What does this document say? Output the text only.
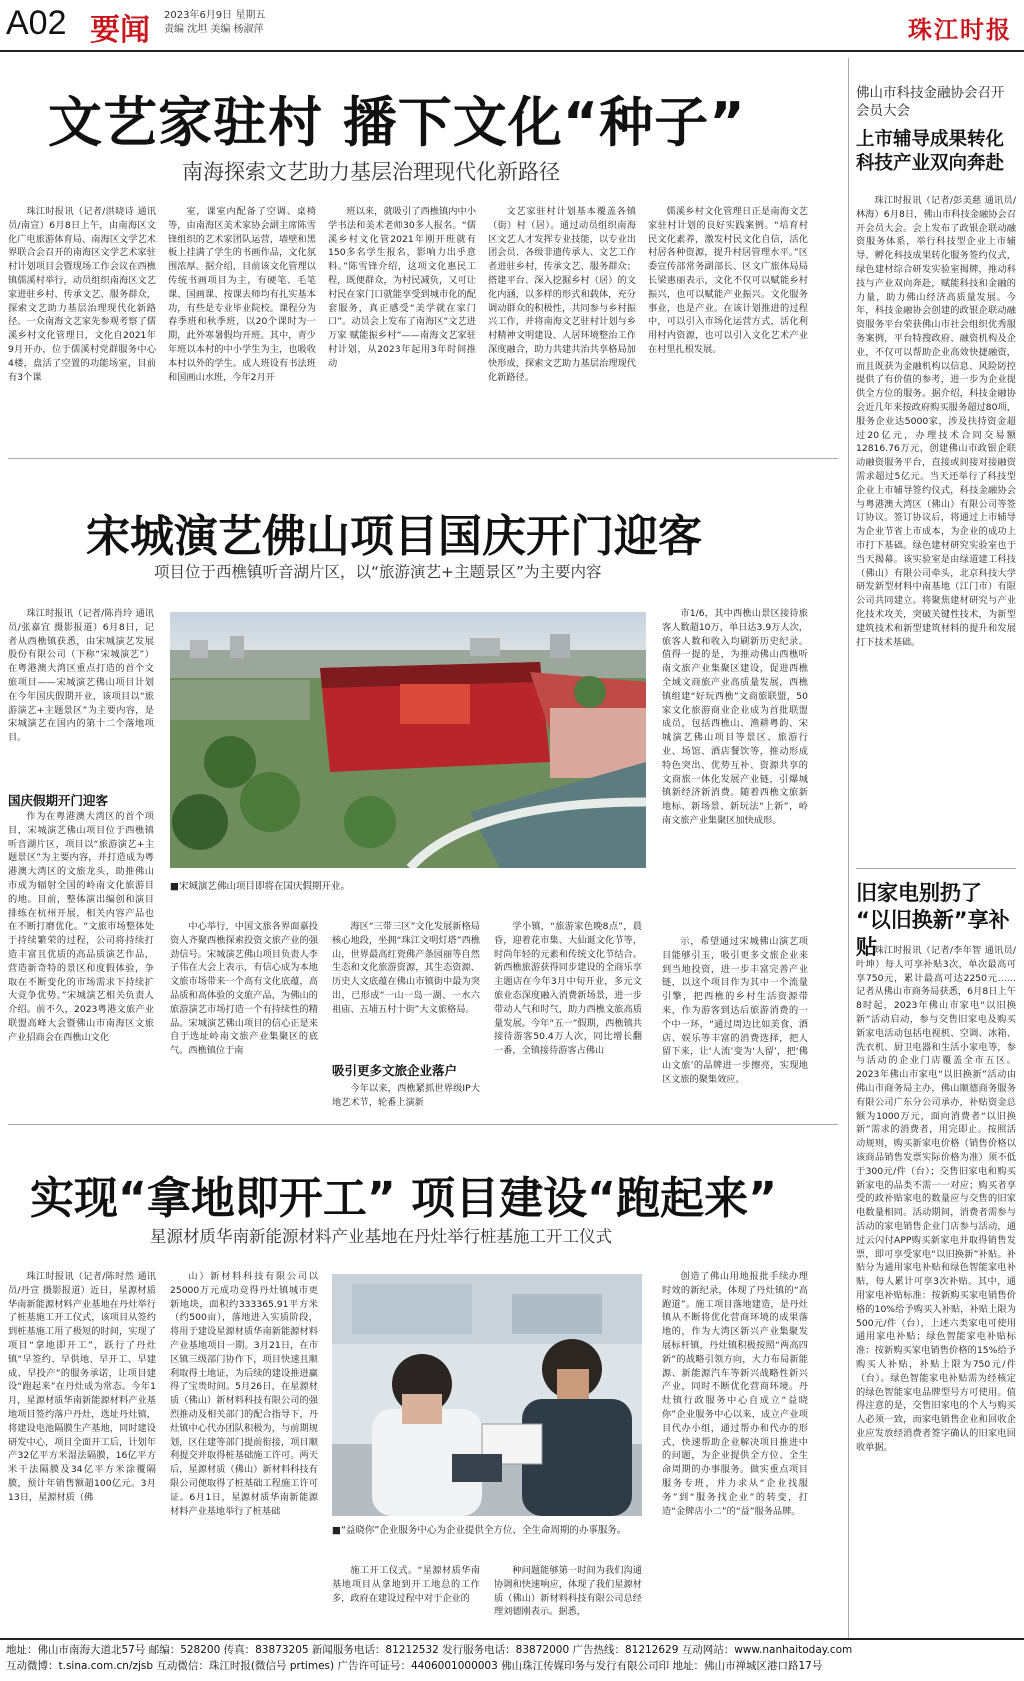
A02 要闻 2023年6月9日 星期五
责编 沈坦 美编 杨淑萍	珠江时报
文艺家驻村 播下文化“种子”
南海探索文艺助力基层治理现代化新路径
珠江时报讯（记者/洪晓诗 通讯员/南宣）6月8日上午，由南海区文化广电旅游体育局、南海区文学艺术界联合会召开的南海区文学艺术家驻村计划项目会暨现场工作会议在西樵镇儒溪村举行，动员组织南海区文艺家进驻乡村、传承文艺、服务群众，探索文艺助力基层治理现代化新路径。一众南海文艺家先参观考察了儒溪乡村文化管理日，文化自2021年9月开办，位于儒溪村党群服务中心4楼，盘活了空置的功能场室，目前有3个课
室，课室内配备了空调、桌椅等，由南海区美术家协会副主席陈雪锋组织的艺术家团队运营，墙壁和黑板上挂满了学生的书画作品，文化氛围浓厚。据介绍，目前该文化管理以传统书画项目为主，有硬笔、毛笔课、国画课、按课去师均有扎实基本功，有些是专业毕业院校。课程分为春季班和秋季班，以20个课时为一期，此外寒暑假均开班。其中，青少年班以本村的中小学生为主，也吸收本村以外的学生。成人班设有书法班和国画山水班，今年2月开
班以来，就吸引了西樵镇内中小学书法和美术老师30多人报名。“儒溪乡村文化管2021年刚开班就有150多名学生报名，影响力出乎意料。”陈雪锋介绍，这项文化惠民工程，既便群众，为村民减负，又可让村民在家门口就能享受到城市化的配套服务，真正感受“美学就在家门口”。动员会上发布了南海区“文艺进万家 赋能振乡村”——南海文艺家驻村计划，从2023年起用3年时间推动
文艺家驻村计划基本覆盖各镇（街）村（居）。通过动员组织南海区文艺人才发挥专业技能，以专业出团会员、各级非遗传承人、文艺工作者进驻乡村，传承文艺、服务群众；搭建平台、深入挖掘乡村（居）的文化内涵，以多样的形式和载体，充分调动群众的积极性，共同参与乡村振兴工作，并将南海文艺驻村计划与乡村精神文明建设、人居环境整治工作深度融合，助力共建共治共享格局加快形成，探索文艺助力基层治理现代化新路径。
儒溪乡村文化管理日正是南海文艺家驻村计划的良好实践案例。“培育村民文化素养，激发村民文化自信，活化村居各种资源，提升村居管理水平。”区委宣传部常务副部长、区文广旅体局局长梁惠丽表示，文化不仅可以赋能乡村振兴，也可以赋能产业振兴。文化服务事业，也是产业。在该计划推进的过程中，可以引入市场化运营方式，活化利用村内资源，也可以引入文化艺术产业在村里扎根发展。
宋城演艺佛山项目国庆开门迎客
项目位于西樵镇听音湖片区，以“旅游演艺+主题景区”为主要内容
珠江时报讯（记者/陈肖玲 通讯员/张嘉宜 摄影报道）6月8日，记者从西樵镇获悉，由宋城演艺发展股份有限公司（下称“宋城演艺”）在粤港澳大湾区重点打造的首个文旅项目——宋城演艺佛山项目计划在今年国庆假期开业，该项目以“旅游演艺+主题景区”为主要内容，是宋城演艺在国内的第十二个落地项目。
国庆假期开门迎客
作为在粤港澳大湾区的首个项目，宋城演艺佛山项目位于西樵镇听音湖片区，项目以“旅游演艺+主题景区”为主要内容，并打造成为粤港澳大湾区的文旅龙头，助推佛山市成为辐射全国的岭南文化旅游目的地。目前，整体演出编创和演目排练在杭州开展，相关内容产品也在不断打磨优化。“文旅市场整体处于持续繁荣的过程，公司将持续打造丰富且优质的高品质演艺作品，营造新奇特的景区和度假体验，争取在不断变化的市场需求下持续扩大竞争优势。”宋城演艺相关负责人介绍。前不久，2023粤港文旅产业联盟高峰大会暨佛山市南海区文旅产业招商会在西樵山文化
■宋城演艺佛山项目即将在国庆假期开业。
市1/6，其中西樵山景区接待旅客人数超10万，单日达3.9万人次，旅客人数和收入均刷新历史纪录。值得一提的是，为推动佛山西樵听南文旅产业集聚区建设，促进西樵全域文商旅产业高质量发展，西樵镇组建“好玩西樵”文商旅联盟，50家文化旅游商业企业成为首批联盟成员，包括西樵山、渔耕粤韵、宋城演艺佛山项目等景区、旅游行业、场馆、酒店餐饮等，推动形成特色突出、优势互补、资源共享的文商旅一体化发展产业链，引爆城镇新经济新消费。随着西樵文旅新地标、新场景、新玩法“上新”，岭南文旅产业集聚区加快成形。
中心举行，中国文旅各界面嘉投资人齐聚西樵探索投资文旅产业的强劲信号。宋城演艺佛山项目负责人李子伟在大会上表示，有信心成为本地文旅市场带来一个高有文化底蕴，高品质和高体验的文旅产品，为佛山的旅游演艺市场打造一个有持续性的精品。宋城演艺佛山项目的信心正是来自于选址岭南文旅产业集聚区的底气。西樵镇位于南
海区“三带三区”文化发展新格局核心地段，坐拥“珠江文明灯塔”西樵山，世界最高红瓷佛产条园丽等自然生态和文化旅游资源，其生态资源、历史人文底蕴在佛山市镇街中最为突出，已形成“一山一岛一湖、一水六祖庙、五埔五村十街”大文旅格局。
吸引更多文旅企业落户
今年以来，西樵紧抓世界级IP大地艺术节，轮番上演新
学小镇，“旅游家色晚8点”，晨昏，迎着花市集、大仙诞文化节等，时尚年轻的元素和传统文化节结合。新西樵旅游获得同步建设的全商乐享主题店在今年3月中旬开业，多元文旅业态深度融入消费新场景，进一步带动人气和时气，助力西樵文旅高质量发展。今年“五一”假期，西樵镇共接待游客50.4万人次，同比增长翻一番，全镇接待游客占佛山
示，希望通过宋城佛山演艺项目能够引玉，吸引更多文旅企业来到当地投资，进一步丰富完善产业链，以这个项目作为其中一个流量引擎，把西樵的乡村生活资源带来，作为游客到达后旅游消费的一个中一环，“通过周边比如美食、酒店、娱乐等丰富的消费选择，把人留下来，让‘人流’变为‘人留’，把‘佛山文旅’的品牌进一步擦亮，实现地区文旅的聚集效应。
实现“拿地即开工” 项目建设“跑起来”
星源材质华南新能源材料产业基地在丹灶举行桩基施工开工仪式
珠江时报讯（记者/陈时然 通讯员/丹宣 摄影报道）近日，星源材质华南新能源材料产业基地在丹灶举行了桩基施工开工仪式，该项目从签约到桩基施工用了极短的时间，实现了项目“拿地即开工”，跃行了丹灶镇“早签约、早供地、早开工、早建成、早投产”的服务承诺，让项目建设“跑起来”在丹灶成为常态。今年1月，星源材质华南新能源材料产业基地项目签约落户丹灶，选址丹灶镇，将建设电池隔膜生产基地，同时建设研发中心，项目全面开工后，计划年产32亿平方米湿法隔膜，16亿平方米干法隔膜及34亿平方米涂覆隔膜，预计年销售额超100亿元。3月13日，星源材质（佛
山）新材料科技有限公司以25000万元成功竞得丹灶镇城市更新地块，面积约333365.91平方米（约500亩），落地进入实质阶段，将用于建设星源材质华南新能源材料产业基地项目一期。3月21日，在市区镇三级部门协作下，项目快速且顺利取得土地证，为后续的建设推进赢得了宝贵时间。5月26日，在星源材质（佛山）新材料科技有限公司的强烈推动及相关部门的配合指导下，丹灶镇中心代办团队积极为，与前期规划，区住建等部门提前衔接，项目顺利提交并取得桩基础施工许可。两天后，星源材质（佛山）新材料科技有限公司便取得了桩基础工程施工许可证。6月1日，星源材质华南新能源材料产业基地举行了桩基础
■“益晓你”企业服务中心为企业提供全方位、全生命周期的办事服务。
施工开工仪式。“星源材质华南基地项目从拿地到开工地总的工作多，政府在建设过程中对于企业的
种问题能够第一时间为我们沟通协调和快速响应，体现了我们星源材质（佛山）新材料科技有限公司总经理刘德刚表示。据悉，
创造了佛山用地报批手续办理时效的新纪录，体现了丹灶镇的“高跑道”。施工项目落地建造，是丹灶镇从不断将优化营商环境的成果落地的，作为大湾区新兴产业集聚发展标杆镇，丹灶镇积极按照“两高四新”的战略引领方向，大力布局新能源、新能源汽车等新兴战略性新兴产业，同时不断优化营商环境。丹灶镇行政服务中心自成立“益晓你”企业服务中心以来，成立产业项目代办小组，通过帮办和代办的形式，快速帮助企业解决项目推进中的问题，为企业提供全方位、全生命周期的办事服务。做实重点项目服务专班，并力求从“企业找服务”到“服务找企业”的转变，打造“金牌店小二”的“益”服务品牌。
佛山市科技金融协会召开会员大会
上市辅导成果转化 科技产业双向奔赴
珠江时报讯（记者/彭美慈 通讯员/林海）6月8日，佛山市科技金融协会召开会员大会。会上发布了政银企联动融资服务体系，举行科技型企业上市辅导、孵化科技成果转化服务签约仪式，绿色建材综合研发实验室揭牌，推动科技与产业双向奔赴，赋能科技和金融的力量，助力佛山经济高质量发展。今年，科技金融协会创建的政银企联动融资服务平台荣获佛山市社会组织优秀服务案例，平台特搜政府、融资机构及企业，不仅可以帮助企业高效快捷融资，而且既获为金融机构以信息、风险防控提供了有价值的参考，进一步为企业提供全方位的服务。据介绍，科技金融协会近几年来按政府购买服务超过80项，服务企业达5000家，涉及扶持资金超过20亿元，办理技术合同交易额12816.76万元，创建佛山市政银企联动融资服务平台，直接或间接对接融资需求超过5亿元。当天还举行了科技型企业上市辅导签约仪式，科技金融协会与粤港澳大湾区（佛山）有限公司等签订协议。签订协议后，将通过上市辅导为企业节省上市成本，为企业的成功上市打下基础。绿色建材研究实验室也于当天揭幕。该实验室是由绿道建工科技（佛山）有限公司牵头，北京科技大学研发新型材料中南基地（江门市）有限公司共同建立。将聚焦建材研究与产业化技术攻关，突破关键性技术，为新型建筑技术和新型建筑材料的提升和发展打下技术基础。
旧家电别扔了 “以旧换新”享补贴
珠江时报讯（记者/李年智 通讯员/叶坤）每人可享补贴3次，单次最高可享750元，累计最高可达2250元……记者从佛山市商务局获悉，6月8日上午8时起，2023年佛山市家电“以旧换新”活动启动，参与交售旧家电及购买新家电活动包括电视机、空调、冰箱、洗衣机、厨卫电器和生活小家电等，参与活动的企业门店覆盖全市五区。2023年佛山市家电“以旧换新”活动由佛山市商务局主办，佛山顺德商务服务有限公司广东分公司承办，补贴资金总额为1000万元，面向消费者“以旧换新”需求的消费者，用完即止。按照活动规则，购买新家电价格（销售价格以该商品销售发票实际价格为准）须不低于300元/件（台）；交售旧家电和购买新家电的品类不需一一对应；购买者享受的政补贴家电的数量应与交售的旧家电数量相同。活动期间，消费者需参与活动的家电销售企业门店参与活动，通过云闪付APP购买新家电并取得销售发票，即可享受家电“以旧换新”补贴。补贴分为通用家电补贴和绿色智能家电补贴，每人累计可享3次补贴。其中，通用家电补贴标准：按新购买家电销售价格的10%给予购买人补贴，补贴上限为500元/件（台），上述六类家电可使用通用家电补贴；绿色智能家电补贴标准：按新购买家电销售价格的15%给予购买人补贴，补贴上限为750元/件（台）。绿色智能家电补贴需为经核定的绿色智能家电品牌型号方可使用。值得注意的是，交售旧家电的个人与购买人必须一致，而家电销售企业和回收企业应发放经消费者签字确认的旧家电回收单据。
地址：佛山市南海大道北57号 邮编：528200 传真：83873205 新闻服务电话：81212532 发行服务电话：83872000 广告热线：81212629 互动网站：www.nanhaitoday.com
互动微博：t.sina.com.cn/zjsb 互动微信：珠江时报(微信号 prtimes) 广告许可证号：4406001000003 佛山珠江传媒印务与发行有限公司印 地址：佛山市禅城区港口路17号
